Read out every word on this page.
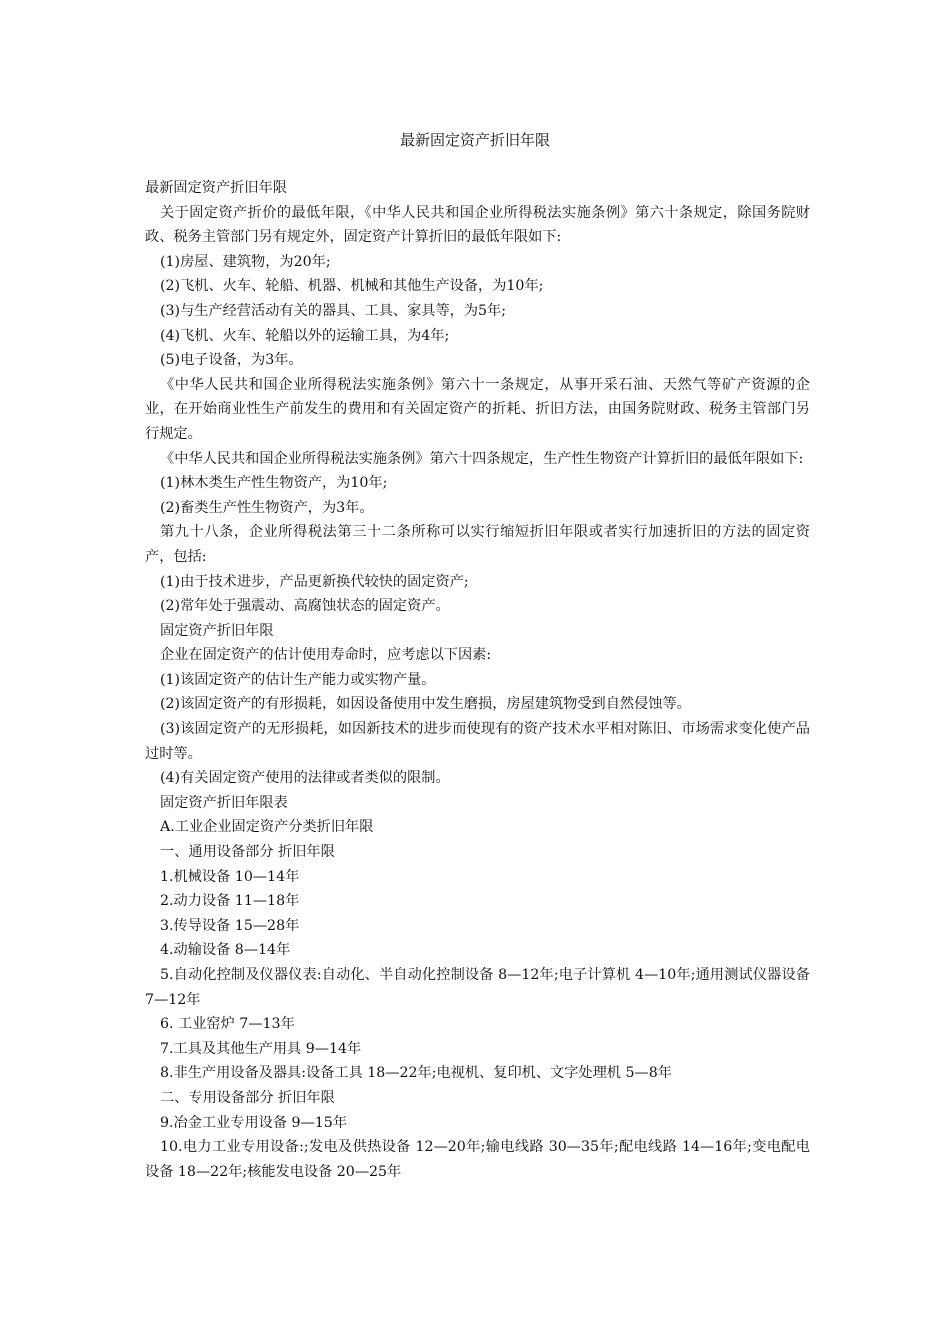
最新固定资产折旧年限

最新固定资产折旧年限

关于固定资产折价的最低年限，《中华人民共和国企业所得税法实施条例》第六十条规定，除国务院财政、税务主管部门另有规定外，固定资产计算折旧的最低年限如下:

(1)房屋、建筑物，为20年;

(2)飞机、火车、轮船、机器、机械和其他生产设备，为10年;

(3)与生产经营活动有关的器具、工具、家具等，为5年;

(4)飞机、火车、轮船以外的运输工具，为4年;

(5)电子设备，为3年。

《中华人民共和国企业所得税法实施条例》第六十一条规定，从事开采石油、天然气等矿产资源的企业，在开始商业性生产前发生的费用和有关固定资产的折耗、折旧方法，由国务院财政、税务主管部门另行规定。

《中华人民共和国企业所得税法实施条例》第六十四条规定，生产性生物资产计算折旧的最低年限如下:

(1)林木类生产性生物资产，为10年;

(2)畜类生产性生物资产，为3年。

第九十八条，企业所得税法第三十二条所称可以实行缩短折旧年限或者实行加速折旧的方法的固定资产，包括:

(1)由于技术进步，产品更新换代较快的固定资产;

(2)常年处于强震动、高腐蚀状态的固定资产。

固定资产折旧年限

企业在固定资产的估计使用寿命时，应考虑以下因素:

(1)该固定资产的估计生产能力或实物产量。

(2)该固定资产的有形损耗，如因设备使用中发生磨损，房屋建筑物受到自然侵蚀等。

(3)该固定资产的无形损耗，如因新技术的进步而使现有的资产技术水平相对陈旧、市场需求变化使产品过时等。

(4)有关固定资产使用的法律或者类似的限制。

固定资产折旧年限表

A.工业企业固定资产分类折旧年限

一、通用设备部分 折旧年限

1.机械设备 10—14年

2.动力设备 11—18年

3.传导设备 15—28年

4.动输设备 8—14年

5.自动化控制及仪器仪表:自动化、半自动化控制设备 8—12年;电子计算机 4—10年;通用测试仪器设备 7—12年

6. 工业窑炉 7—13年

7.工具及其他生产用具 9—14年

8.非生产用设备及器具:设备工具 18—22年;电视机、复印机、文字处理机 5—8年

二、专用设备部分 折旧年限

9.冶金工业专用设备 9—15年

10.电力工业专用设备:;发电及供热设备 12—20年;输电线路 30—35年;配电线路 14—16年;变电配电设备 18—22年;核能发电设备 20—25年
